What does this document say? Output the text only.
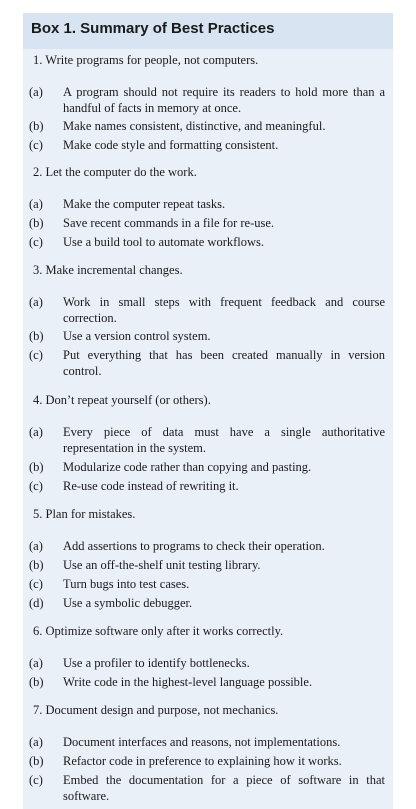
Box 1. Summary of Best Practices
1. Write programs for people, not computers.
(a) A program should not require its readers to hold more than a handful of facts in memory at once.
(b) Make names consistent, distinctive, and meaningful.
(c) Make code style and formatting consistent.
2. Let the computer do the work.
(a) Make the computer repeat tasks.
(b) Save recent commands in a file for re-use.
(c) Use a build tool to automate workflows.
3. Make incremental changes.
(a) Work in small steps with frequent feedback and course correction.
(b) Use a version control system.
(c) Put everything that has been created manually in version control.
4. Don’t repeat yourself (or others).
(a) Every piece of data must have a single authoritative representation in the system.
(b) Modularize code rather than copying and pasting.
(c) Re-use code instead of rewriting it.
5. Plan for mistakes.
(a) Add assertions to programs to check their operation.
(b) Use an off-the-shelf unit testing library.
(c) Turn bugs into test cases.
(d) Use a symbolic debugger.
6. Optimize software only after it works correctly.
(a) Use a profiler to identify bottlenecks.
(b) Write code in the highest-level language possible.
7. Document design and purpose, not mechanics.
(a) Document interfaces and reasons, not implementations.
(b) Refactor code in preference to explaining how it works.
(c) Embed the documentation for a piece of software in that software.
